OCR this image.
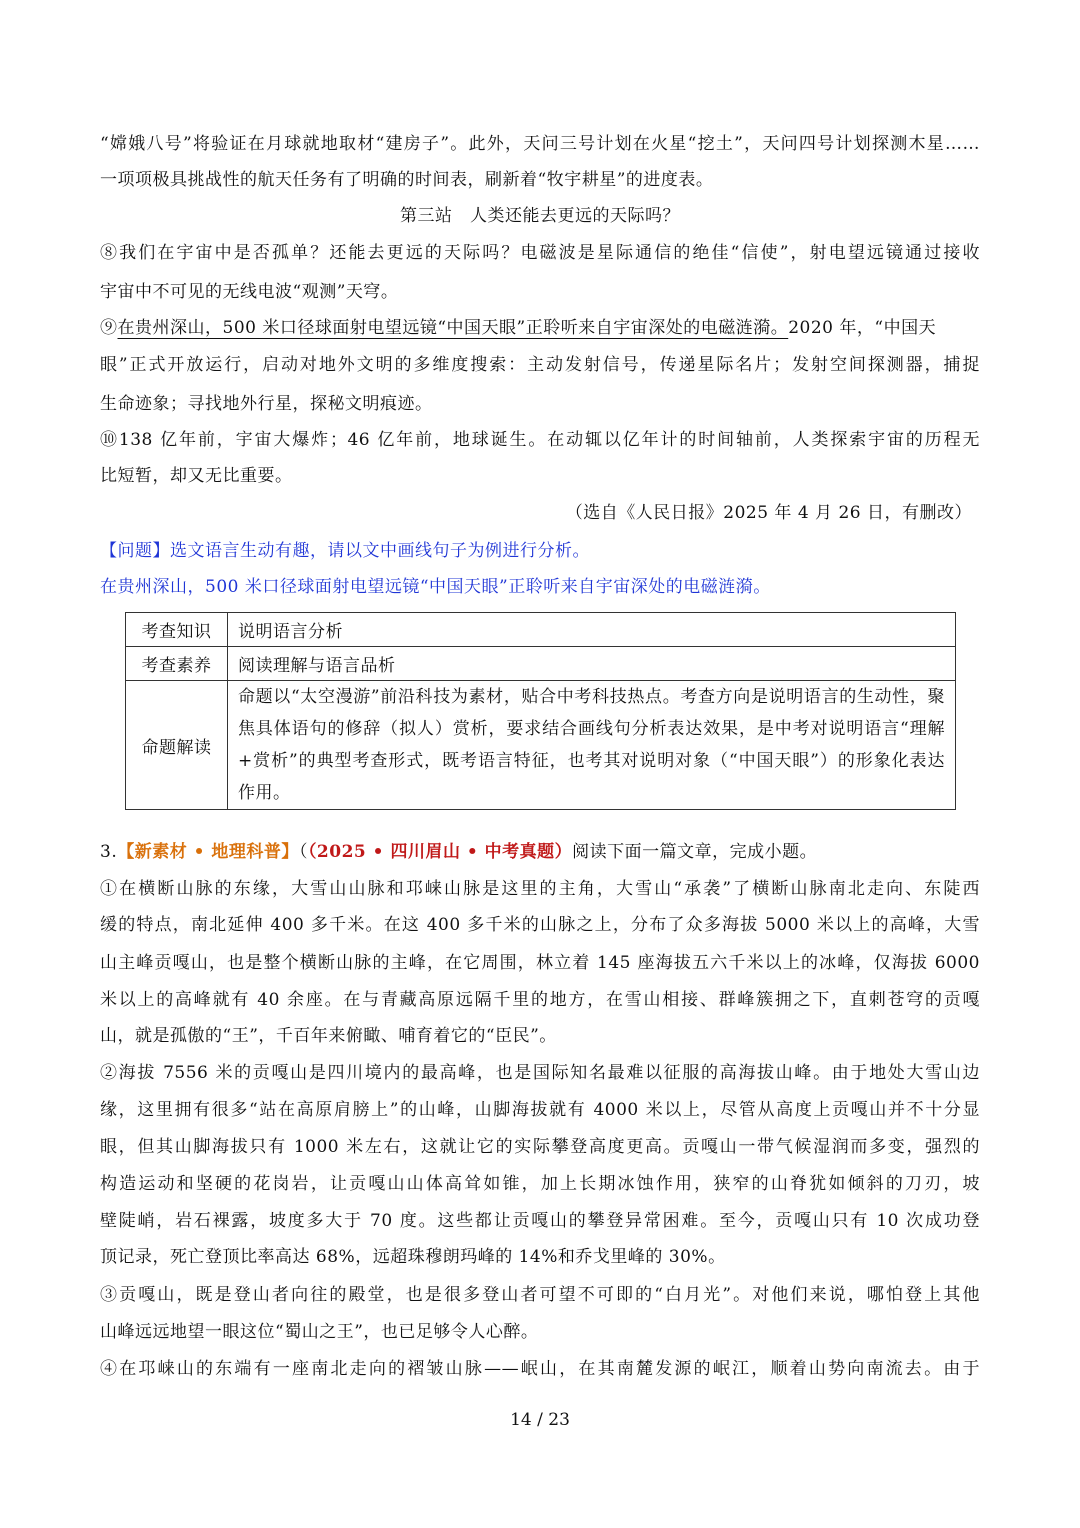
“嫦娥八号”将验证在月球就地取材“建房子”。此外，天问三号计划在火星“挖土”，天问四号计划探测木星……
一项项极具挑战性的航天任务有了明确的时间表，刷新着“牧宇耕星”的进度表。
第三站　人类还能去更远的天际吗？
⑧我们在宇宙中是否孤单？还能去更远的天际吗？电磁波是星际通信的绝佳“信使”，射电望远镜通过接收
宇宙中不可见的无线电波“观测”天穹。
⑨在贵州深山，500 米口径球面射电望远镜“中国天眼”正聆听来自宇宙深处的电磁涟漪。2020 年，“中国天
眼”正式开放运行，启动对地外文明的多维度搜索：主动发射信号，传递星际名片；发射空间探测器，捕捉
生命迹象；寻找地外行星，探秘文明痕迹。
⑩138 亿年前，宇宙大爆炸；46 亿年前，地球诞生。在动辄以亿年计的时间轴前，人类探索宇宙的历程无
比短暂，却又无比重要。
（选自《人民日报》2025 年 4 月 26 日，有删改）
【问题】选文语言生动有趣，请以文中画线句子为例进行分析。
在贵州深山，500 米口径球面射电望远镜“中国天眼”正聆听来自宇宙深处的电磁涟漪。
考查知识	说明语言分析
考查素养	阅读理解与语言品析
命题解读	命题以“太空漫游”前沿科技为素材，贴合中考科技热点。考查方向是说明语言的生动性，聚焦具体语句的修辞（拟人）赏析，要求结合画线句分析表达效果，是中考对说明语言“理解+赏析”的典型考查形式，既考语言特征，也考其对说明对象（“中国天眼”）的形象化表达作用。
3.【新素材 • 地理科普】（（2025 • 四川眉山 • 中考真题）阅读下面一篇文章，完成小题。
①在横断山脉的东缘，大雪山山脉和邛崃山脉是这里的主角，大雪山“承袭”了横断山脉南北走向、东陡西
缓的特点，南北延伸 400 多千米。在这 400 多千米的山脉之上，分布了众多海拔 5000 米以上的高峰，大雪
山主峰贡嘎山，也是整个横断山脉的主峰，在它周围，林立着 145 座海拔五六千米以上的冰峰，仅海拔 6000
米以上的高峰就有 40 余座。在与青藏高原远隔千里的地方，在雪山相接、群峰簇拥之下，直刺苍穹的贡嘎
山，就是孤傲的“王”，千百年来俯瞰、哺育着它的“臣民”。
②海拔 7556 米的贡嘎山是四川境内的最高峰，也是国际知名最难以征服的高海拔山峰。由于地处大雪山边
缘，这里拥有很多“站在高原肩膀上”的山峰，山脚海拔就有 4000 米以上，尽管从高度上贡嘎山并不十分显
眼，但其山脚海拔只有 1000 米左右，这就让它的实际攀登高度更高。贡嘎山一带气候湿润而多变，强烈的
构造运动和坚硬的花岗岩，让贡嘎山山体高耸如锥，加上长期冰蚀作用，狭窄的山脊犹如倾斜的刀刃，坡
壁陡峭，岩石裸露，坡度多大于 70 度。这些都让贡嘎山的攀登异常困难。至今，贡嘎山只有 10 次成功登
顶记录，死亡登顶比率高达 68%，远超珠穆朗玛峰的 14%和乔戈里峰的 30%。
③贡嘎山，既是登山者向往的殿堂，也是很多登山者可望不可即的“白月光”。对他们来说，哪怕登上其他
山峰远远地望一眼这位“蜀山之王”，也已足够令人心醉。
④在邛崃山的东端有一座南北走向的褶皱山脉——岷山，在其南麓发源的岷江，顺着山势向南流去。由于
14 / 23
